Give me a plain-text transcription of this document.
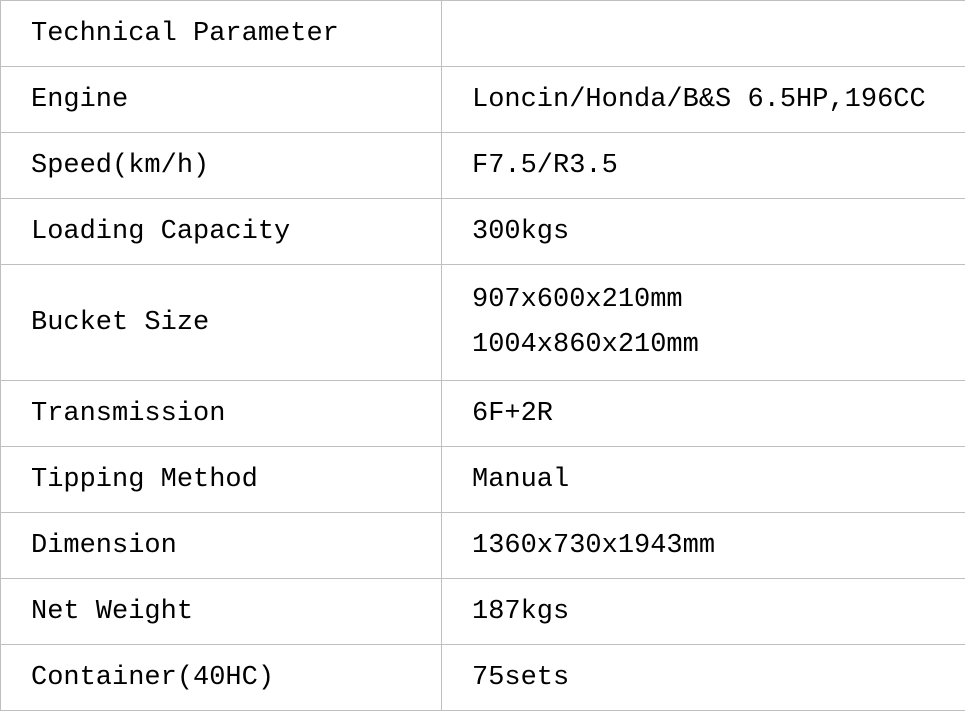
Technical Parameter	
Engine	Loncin/Honda/B&S 6.5HP,196CC
Speed(km/h)	F7.5/R3.5
Loading Capacity	300kgs
Bucket Size	907x600x210mm
1004x860x210mm

Transmission	6F+2R
Tipping Method	Manual
Dimension	1360x730x1943mm
Net Weight	187kgs
Container(40HC)	75sets
